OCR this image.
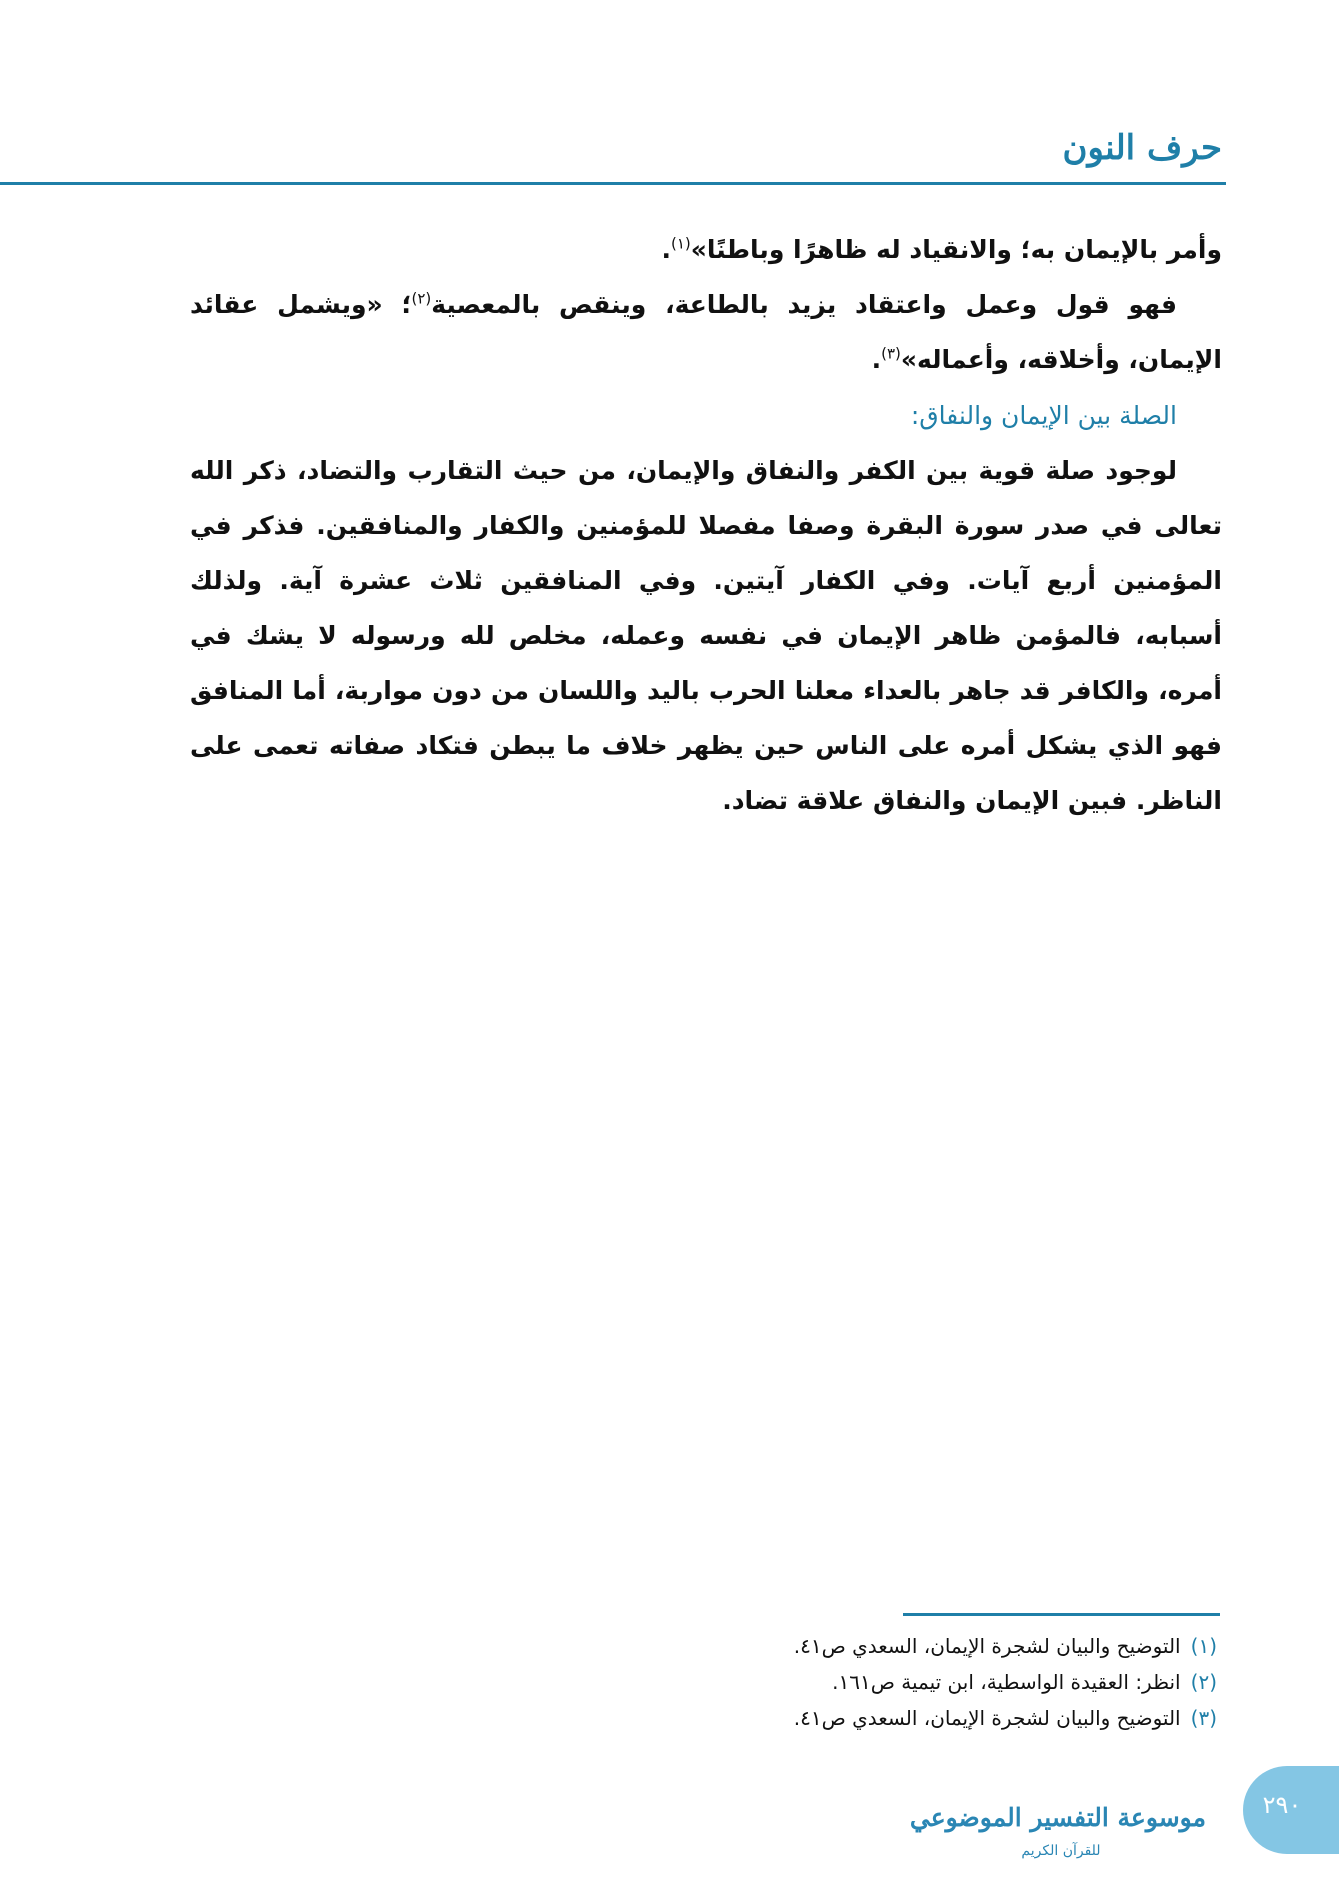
حرف النون

وأمر بالإيمان به؛ والانقياد له ظاهرًا وباطنًا»$^{(١)}$.

فهو قول وعمل واعتقاد يزيد بالطاعة، وينقص بالمعصية$^{(٢)}$؛ «ويشمل عقائد الإيمان، وأخلاقه، وأعماله»$^{(٣)}$.

الصلة بين الإيمان والنفاق:

لوجود صلة قوية بين الكفر والنفاق والإيمان، من حيث التقارب والتضاد، ذكر الله تعالى في صدر سورة البقرة وصفا مفصلا للمؤمنين والكفار والمنافقين. فذكر في المؤمنين أربع آيات. وفي الكفار آيتين. وفي المنافقين ثلاث عشرة آية. ولذلك أسبابه، فالمؤمن ظاهر الإيمان في نفسه وعمله، مخلص لله ورسوله لا يشك في أمره، والكافر قد جاهر بالعداء معلنا الحرب باليد واللسان من دون مواربة، أما المنافق فهو الذي يشكل أمره على الناس حين يظهر خلاف ما يبطن فتكاد صفاته تعمى على الناظر. فبين الإيمان والنفاق علاقة تضاد.

(١)التوضيح والبيان لشجرة الإيمان، السعدي ص٤١.
(٢)انظر: العقيدة الواسطية، ابن تيمية ص١٦١.
(٣)التوضيح والبيان لشجرة الإيمان، السعدي ص٤١.
موسوعة التفسير الموضوعي
للقرآن الكريم
٢٩٠
